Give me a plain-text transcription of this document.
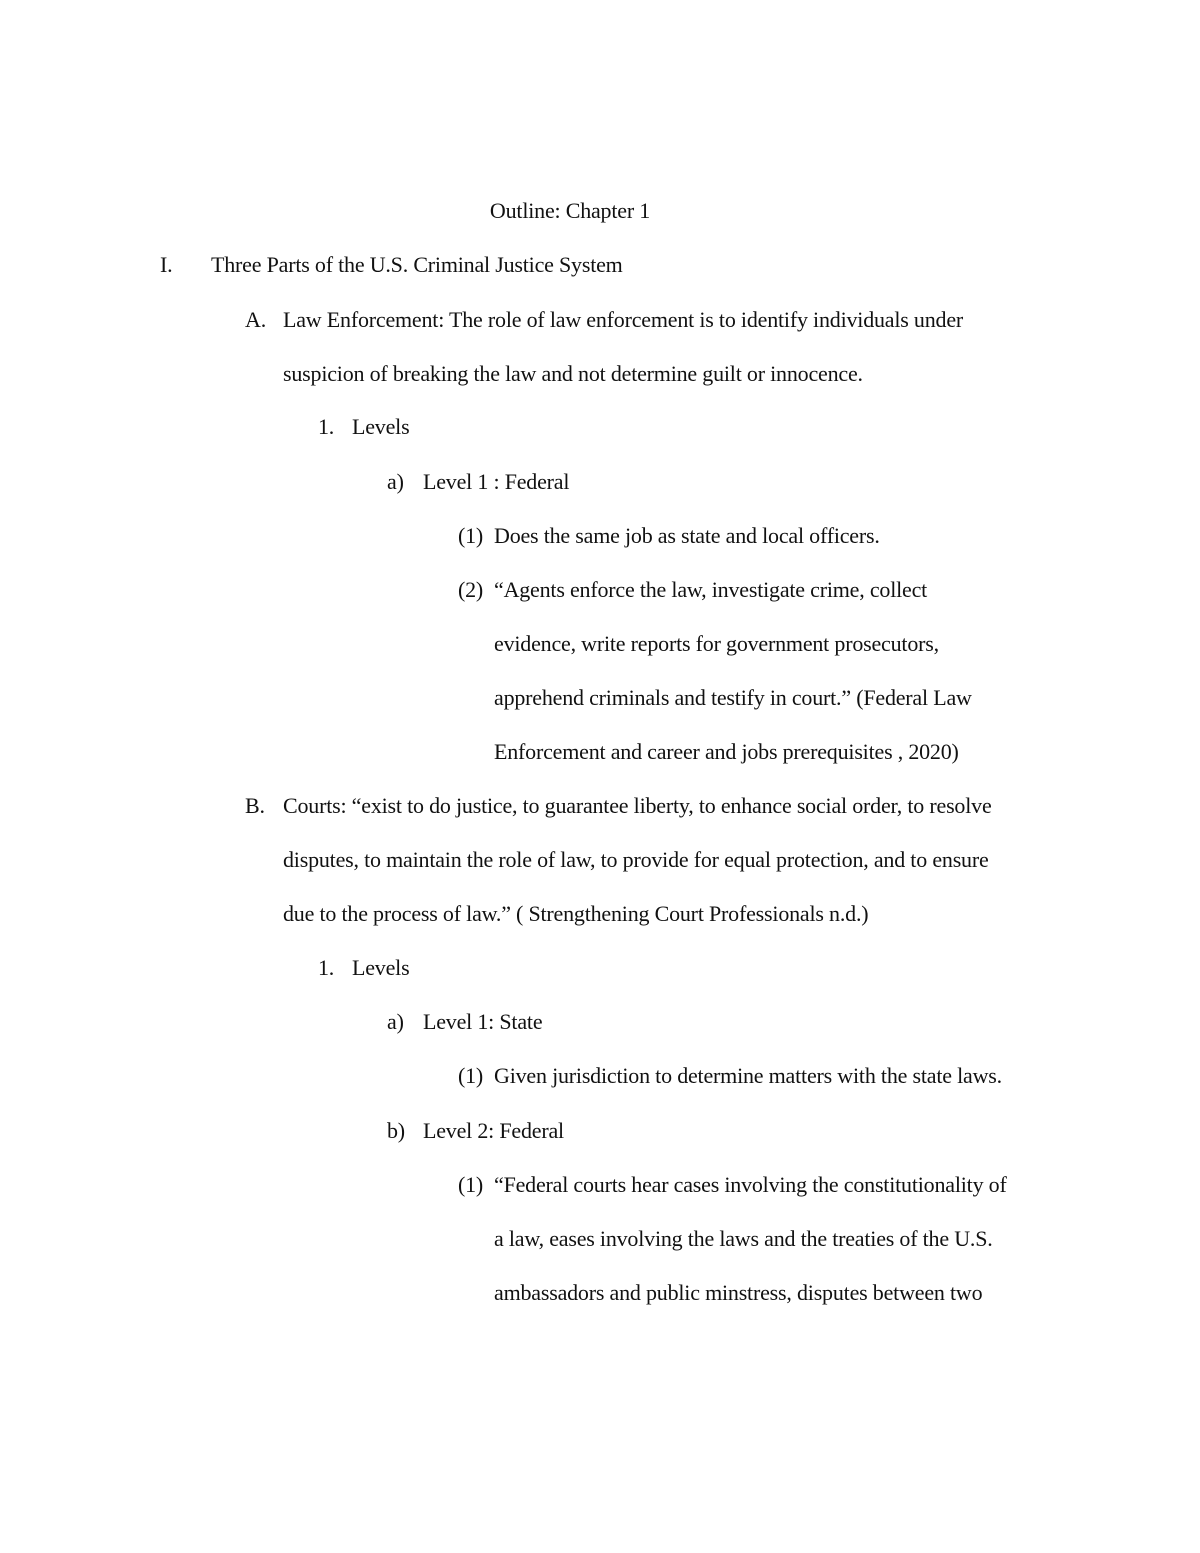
Outline: Chapter 1
I. Three Parts of the U.S. Criminal Justice System
A. Law Enforcement: The role of law enforcement is to identify individuals under
suspicion of breaking the law and not determine guilt or innocence.
1. Levels
a) Level 1 : Federal
(1) Does the same job as state and local officers.
(2) “Agents enforce the law, investigate crime, collect
evidence, write reports for government prosecutors,
apprehend criminals and testify in court.” (Federal Law
Enforcement and career and jobs prerequisites , 2020)
B. Courts: “exist to do justice, to guarantee liberty, to enhance social order, to resolve
disputes, to maintain the role of law, to provide for equal protection, and to ensure
due to the process of law.” ( Strengthening Court Professionals n.d.)
1. Levels
a) Level 1: State
(1) Given jurisdiction to determine matters with the state laws.
b) Level 2: Federal
(1) “Federal courts hear cases involving the constitutionality of
a law, eases involving the laws and the treaties of the U.S.
ambassadors and public minstress, disputes between two
